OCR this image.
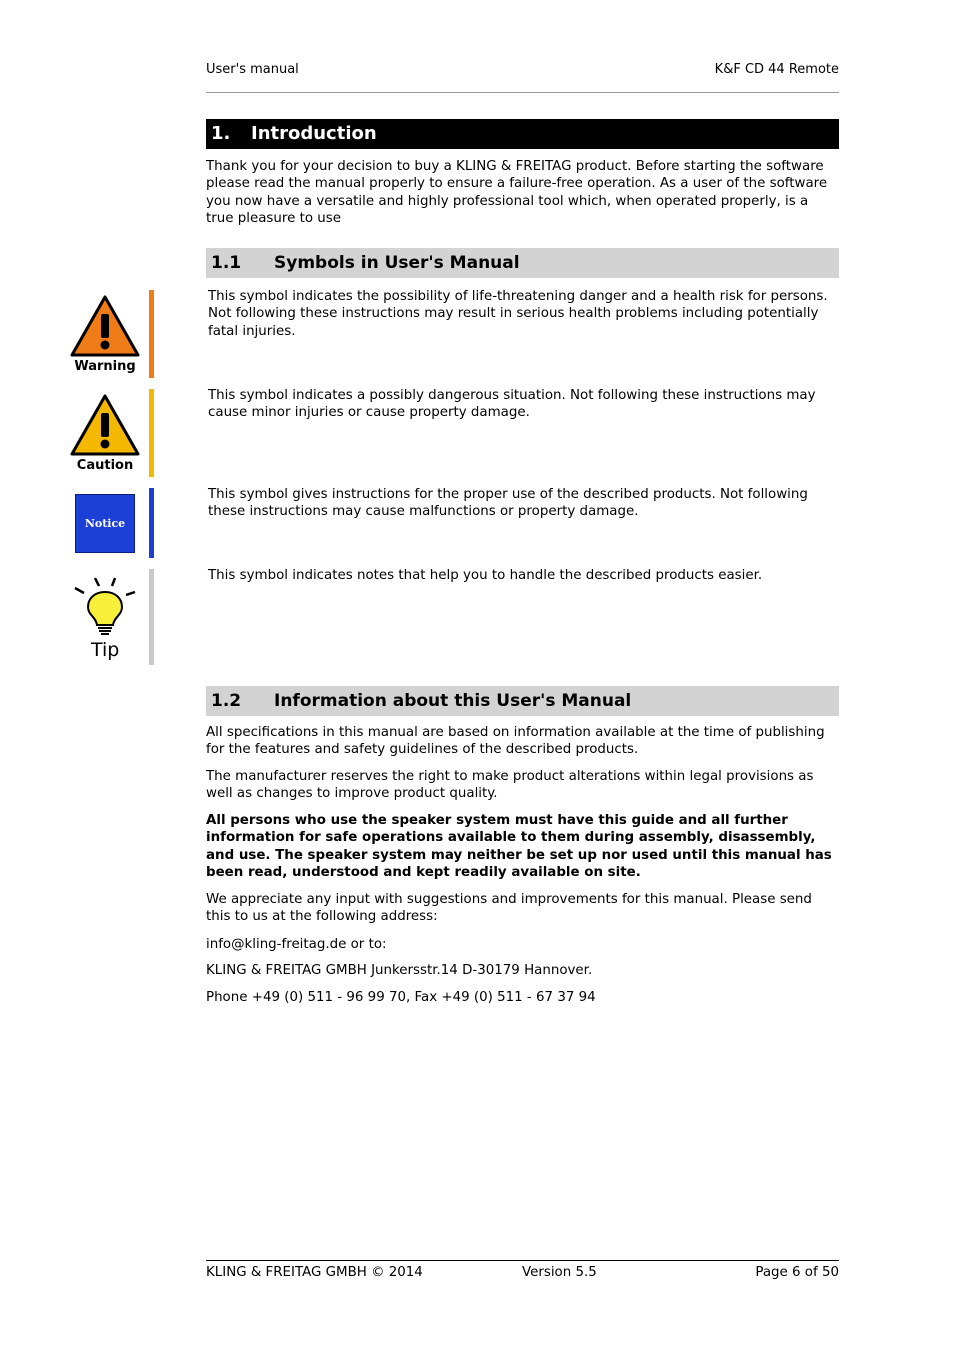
User's manual	K&F CD 44 Remote
1. Introduction

Thank you for your decision to buy a KLING & FREITAG product. Before starting the software please read the manual properly to ensure a failure-free operation. As a user of the software you now have a versatile and highly professional tool which, when operated properly, is a true pleasure to use

1.1 Symbols in User's Manual
Warning

This symbol indicates the possibility of life-threatening danger and a health risk for persons. Not following these instructions may result in serious health problems including potentially fatal injuries.

Caution

This symbol indicates a possibly dangerous situation. Not following these instructions may cause minor injuries or cause property damage.

Notice

This symbol gives instructions for the proper use of the described products. Not following these instructions may cause malfunctions or property damage.

Tip

This symbol indicates notes that help you to handle the described products easier.

1.2 Information about this User's Manual

All specifications in this manual are based on information available at the time of publishing for the features and safety guidelines of the described products.

The manufacturer reserves the right to make product alterations within legal provisions as well as changes to improve product quality.

All persons who use the speaker system must have this guide and all further information for safe operations available to them during assembly, disassembly, and use. The speaker system may neither be set up nor used until this manual has been read, understood and kept readily available on site.

We appreciate any input with suggestions and improvements for this manual. Please send this to us at the following address:

info@kling-freitag.de or to:

KLING & FREITAG GMBH Junkersstr.14 D-30179 Hannover.

Phone +49 (0) 511 - 96 99 70, Fax +49 (0) 511 - 67 37 94

KLING & FREITAG GMBH © 2014	Version 5.5	Page 6 of 50
